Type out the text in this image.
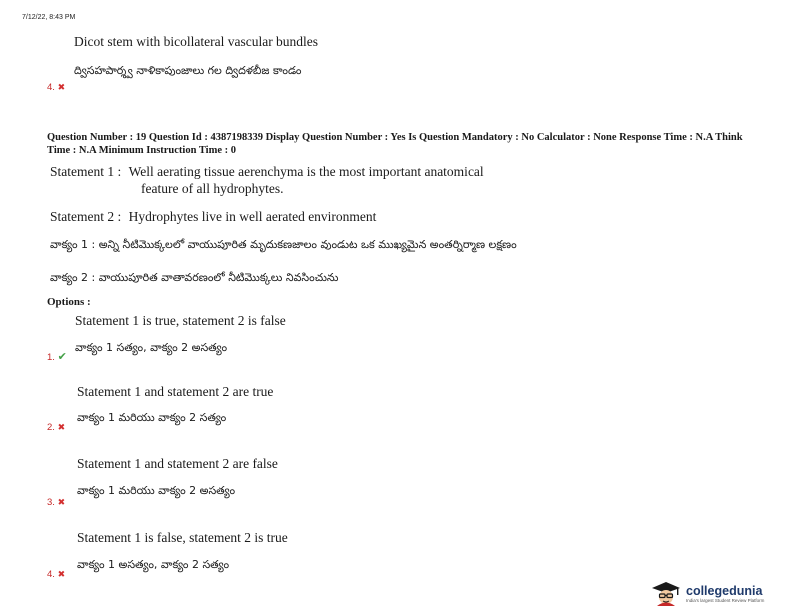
7/12/22, 8:43 PM
Dicot stem with bicollateral vascular bundles
ద్విసహపార్శ్వ నాళికాపుంజాలు గల ద్విదళబీజ కాండం
4. ✖
Question Number : 19 Question Id : 4387198339 Display Question Number : Yes Is Question Mandatory : No Calculator : None Response Time : N.A Think Time : N.A Minimum Instruction Time : 0
Statement 1 : Well aerating tissue aerenchyma is the most important anatomical
feature of all hydrophytes.
Statement 2 : Hydrophytes live in well aerated environment
వాక్యం 1 : అన్ని నీటిమొక్కలలో వాయుపూరిత మృదుకణజాలం వుండుట ఒక ముఖ్యమైన అంతర్నిర్మాణ లక్షణం
వాక్యం 2 : వాయుపూరిత వాతావరణంలో నీటిమొక్కలు నివసించును
Options :
Statement 1 is true, statement 2 is false
వాక్యం 1 సత్యం, వాక్యం 2 అసత్యం
1. ✔
Statement 1 and statement 2 are true
వాక్యం 1 మరియు వాక్యం 2 సత్యం
2. ✖
Statement 1 and statement 2 are false
వాక్యం 1 మరియు వాక్యం 2 అసత్యం
3. ✖
Statement 1 is false, statement 2 is true
వాక్యం 1 అసత్యం, వాక్యం 2 సత్యం
4. ✖
collegedunia
India's largest Student Review Platform
